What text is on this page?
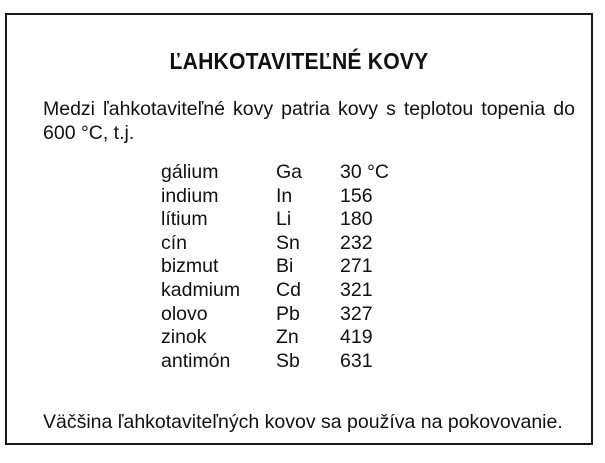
ĽAHKOTAVITEĽNÉ KOVY
Medzi ľahkotaviteľné kovy patria kovy s teplotou topenia do
600 °C, t.j.
gálium	Ga	30 °C
indium	In	156
lítium	Li	180
cín	Sn	232
bizmut	Bi	271
kadmium	Cd	321
olovo	Pb	327
zinok	Zn	419
antimón	Sb	631
Väčšina ľahkotaviteľných kovov sa používa na pokovovanie.
